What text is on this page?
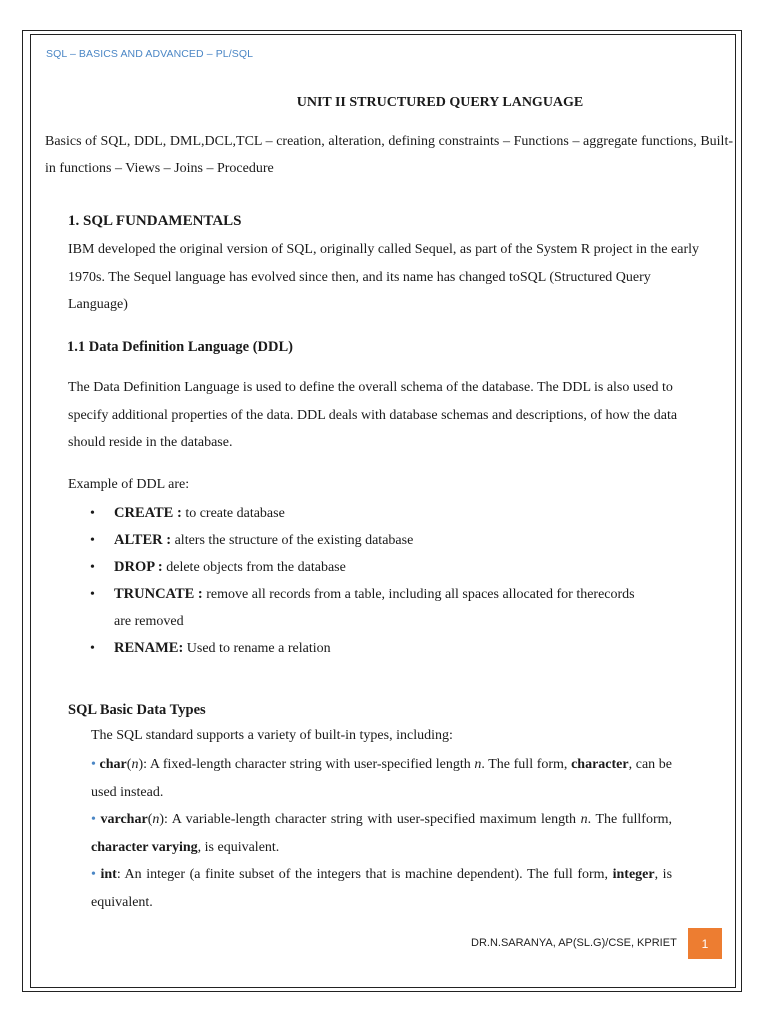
SQL – BASICS AND ADVANCED – PL/SQL
UNIT II STRUCTURED QUERY LANGUAGE
Basics of SQL, DDL, DML,DCL,TCL – creation, alteration, defining constraints – Functions – aggregate functions, Built-in functions – Views – Joins – Procedure
1. SQL FUNDAMENTALS
IBM developed the original version of SQL, originally called Sequel, as part of the System R project in the early 1970s. The Sequel language has evolved since then, and its name has changed toSQL (Structured Query Language)
1.1 Data Definition Language (DDL)
The Data Definition Language is used to define the overall schema of the database. The DDL is also used to specify additional properties of the data. DDL deals with database schemas and descriptions, of how the data should reside in the database.
Example of DDL are:
• CREATE : to create database
• ALTER : alters the structure of the existing database
• DROP : delete objects from the database
• TRUNCATE : remove all records from a table, including all spaces allocated for therecords
are removed
• RENAME: Used to rename a relation
SQL Basic Data Types
The SQL standard supports a variety of built-in types, including:
• char(n): A fixed-length character string with user-specified length n. The full form, character, can be used instead.
• varchar(n): A variable-length character string with user-specified maximum length n. The fullform, character varying, is equivalent.
• int: An integer (a finite subset of the integers that is machine dependent). The full form, integer, is equivalent.
DR.N.SARANYA, AP(SL.G)/CSE, KPRIET	1
